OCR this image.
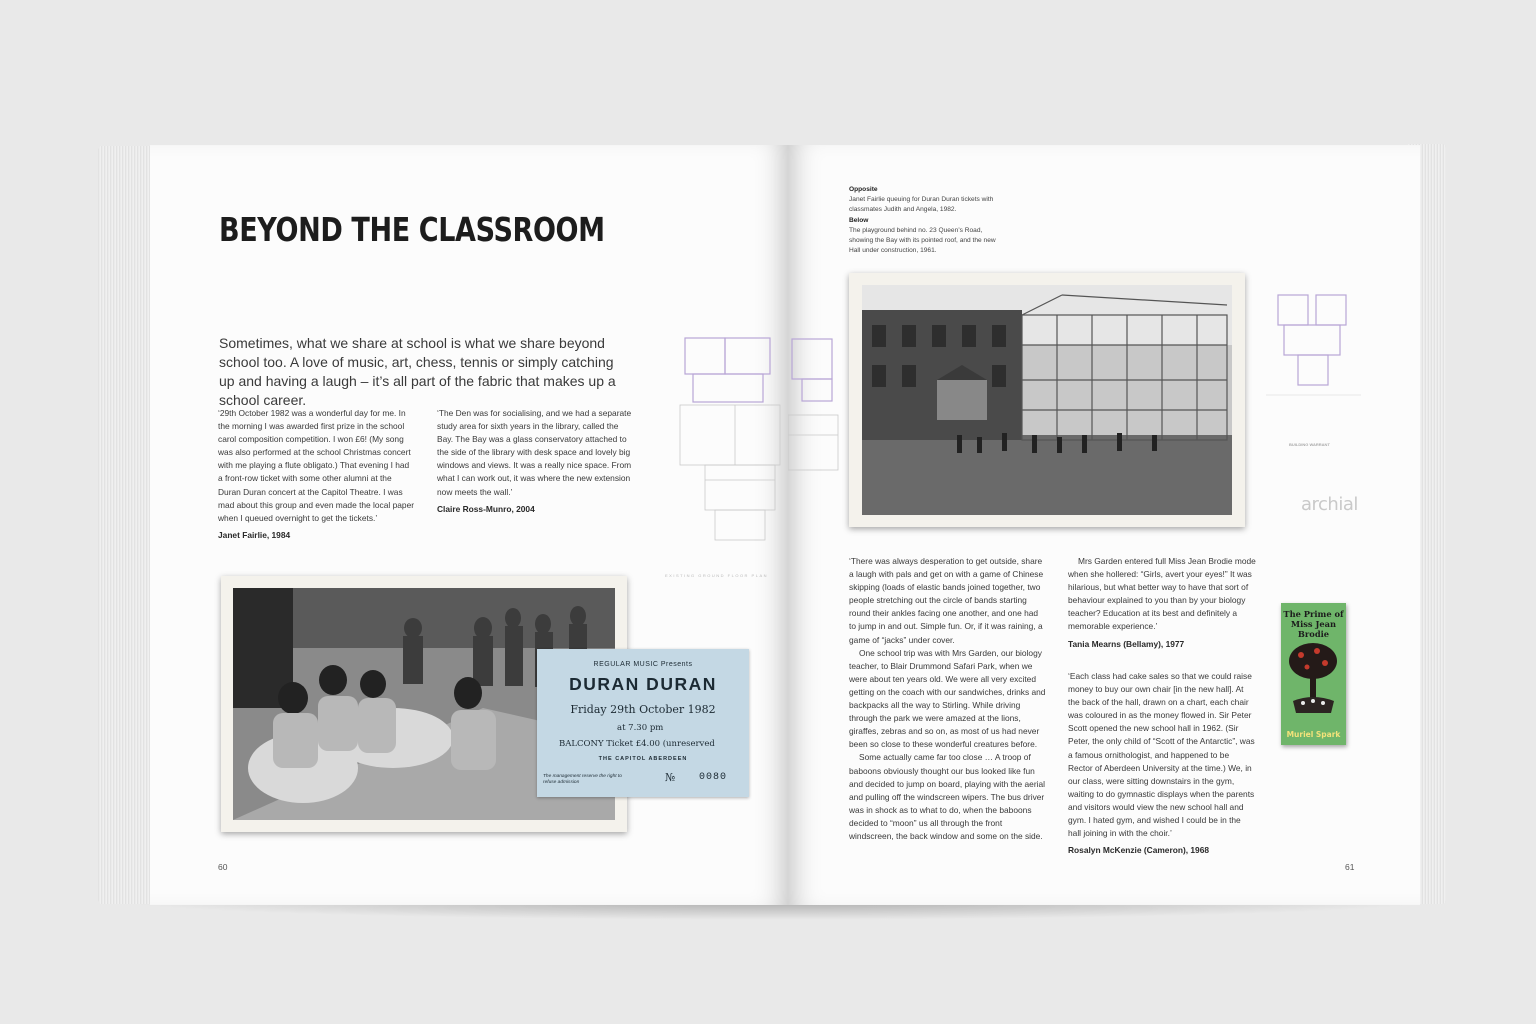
BEYOND THE CLASSROOM

Sometimes, what we share at school is what we share beyond school too. A love of music, art, chess, tennis or simply catching up and having a laugh – it’s all part of the fabric that makes up a school career.

‘29th October 1982 was a wonderful day for me. In the morning I was awarded first prize in the school carol composition competition. I won £6! (My song was also performed at the school Christmas concert with me playing a flute obligato.) That evening I had a front-row ticket with some other alumni at the Duran Duran concert at the Capitol Theatre. I was mad about this group and even made the local paper when I queued overnight to get the tickets.’

Janet Fairlie, 1984

‘The Den was for socialising, and we had a separate study area for sixth years in the library, called the Bay. The Bay was a glass conservatory attached to the side of the library with desk space and lovely big windows and views. It was a really nice space. From what I can work out, it was where the new extension now meets the wall.’

Claire Ross-Munro, 2004

REGULAR MUSIC Presents
DURAN DURAN
Friday 29th October 1982
at 7.30 pm
BALCONY Ticket £4.00 (unreserved
THE CAPITOL ABERDEEN
The management reserve the right to refuse admission	№ 0080
EXISTING GROUND FLOOR PLAN
60
Opposite
Janet Fairlie queuing for Duran Duran tickets with classmates Judith and Angela, 1982.
Below
The playground behind no. 23 Queen’s Road, showing the Bay with its pointed roof, and the new Hall under construction, 1961.
BUILDING WARRANT
archial

‘There was always desperation to get outside, share a laugh with pals and get on with a game of Chinese skipping (loads of elastic bands joined together, two people stretching out the circle of bands starting round their ankles facing one another, and one had to jump in and out. Simple fun. Or, if it was raining, a game of “jacks” under cover.

One school trip was with Mrs Garden, our biology teacher, to Blair Drummond Safari Park, when we were about ten years old. We were all very excited getting on the coach with our sandwiches, drinks and backpacks all the way to Stirling. While driving through the park we were amazed at the lions, giraffes, zebras and so on, as most of us had never been so close to these wonderful creatures before.

Some actually came far too close … A troop of baboons obviously thought our bus looked like fun and decided to jump on board, playing with the aerial and pulling off the windscreen wipers. The bus driver was in shock as to what to do, when the baboons decided to “moon” us all through the front windscreen, the back window and some on the side.

Mrs Garden entered full Miss Jean Brodie mode when she hollered: “Girls, avert your eyes!” It was hilarious, but what better way to have that sort of behaviour explained to you than by your biology teacher? Education at its best and definitely a memorable experience.’

Tania Mearns (Bellamy), 1977

‘Each class had cake sales so that we could raise money to buy our own chair [in the new hall]. At the back of the hall, drawn on a chart, each chair was coloured in as the money flowed in. Sir Peter Scott opened the new school hall in 1962. (Sir Peter, the only child of “Scott of the Antarctic”, was a famous ornithologist, and happened to be Rector of Aberdeen University at the time.) We, in our class, were sitting downstairs in the gym, waiting to do gymnastic displays when the parents and visitors would view the new school hall and gym. I hated gym, and wished I could be in the hall joining in with the choir.’

Rosalyn McKenzie (Cameron), 1968

The Prime of Miss Jean Brodie
Muriel Spark
61
